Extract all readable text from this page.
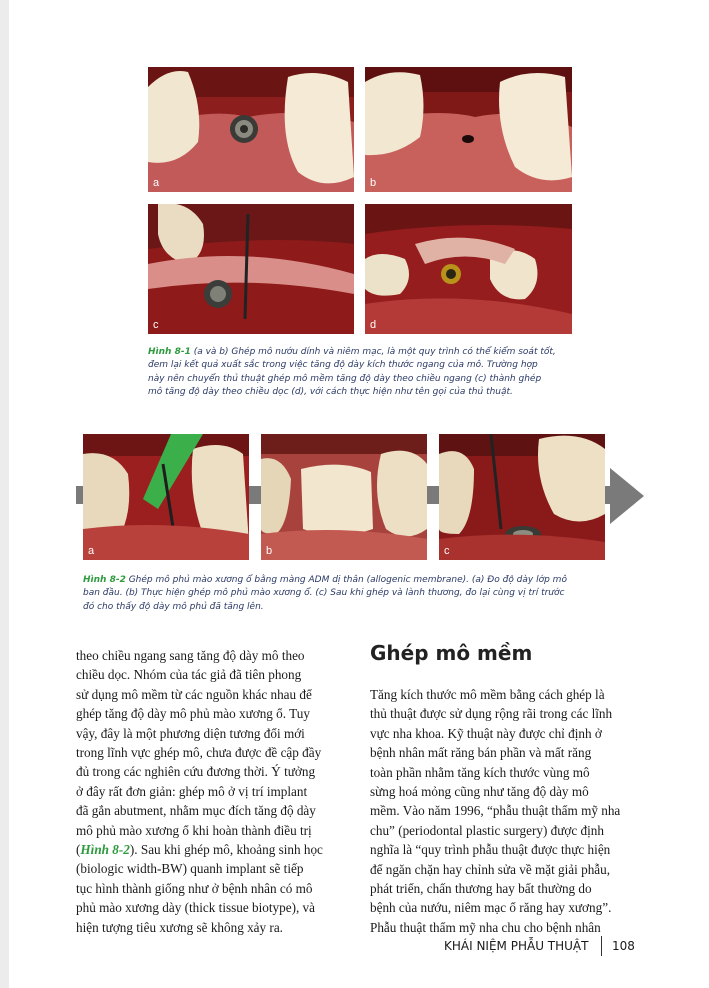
a	b
c	d
Hình 8-1 (a và b) Ghép mô nướu dính và niêm mạc, là một quy trình có thể kiểm soát tốt,
đem lại kết quả xuất sắc trong việc tăng độ dày kích thước ngang của mô. Trường hợp
này nên chuyển thủ thuật ghép mô mềm tăng độ dày theo chiều ngang (c) thành ghép
mô tăng độ dày theo chiều dọc (d), với cách thực hiện như tên gọi của thủ thuật.
a	b	c
Hình 8-2 Ghép mô phủ mào xương ổ bằng màng ADM dị thân (allogenic membrane). (a) Đo độ dày lớp mô
ban đầu. (b) Thực hiện ghép mô phủ mào xương ổ. (c) Sau khi ghép và lành thương, đo lại cùng vị trí trước
đó cho thấy độ dày mô phủ đã tăng lên.
theo chiều ngang sang tăng độ dày mô theo
chiều dọc. Nhóm của tác giả đã tiên phong
sử dụng mô mềm từ các nguồn khác nhau để
ghép tăng độ dày mô phủ mào xương ổ. Tuy
vậy, đây là một phương diện tương đối mới
trong lĩnh vực ghép mô, chưa được đề cập đầy
đủ trong các nghiên cứu đương thời. Ý tưởng
ở đây rất đơn giản: ghép mô ở vị trí implant
đã gắn abutment, nhằm mục đích tăng độ dày
mô phủ mào xương ổ khi hoàn thành điều trị
(Hình 8-2). Sau khi ghép mô, khoảng sinh học
(biologic width-BW) quanh implant sẽ tiếp
tục hình thành giống như ở bệnh nhân có mô
phủ mào xương dày (thick tissue biotype), và
hiện tượng tiêu xương sẽ không xảy ra.
Ghép mô mềm
Tăng kích thước mô mềm bằng cách ghép là
thủ thuật được sử dụng rộng rãi trong các lĩnh
vực nha khoa. Kỹ thuật này được chỉ định ở
bệnh nhân mất răng bán phần và mất răng
toàn phần nhằm tăng kích thước vùng mô
sừng hoá mỏng cũng như tăng độ dày mô
mềm. Vào năm 1996, “phẫu thuật thẩm mỹ nha
chu” (periodontal plastic surgery) được định
nghĩa là “quy trình phẫu thuật được thực hiện
để ngăn chặn hay chỉnh sửa về mặt giải phẫu,
phát triển, chấn thương hay bất thường do
bệnh của nướu, niêm mạc ổ răng hay xương”.
Phẫu thuật thẩm mỹ nha chu cho bệnh nhân
KHÁI NIỆM PHẪU THUẬT 108
